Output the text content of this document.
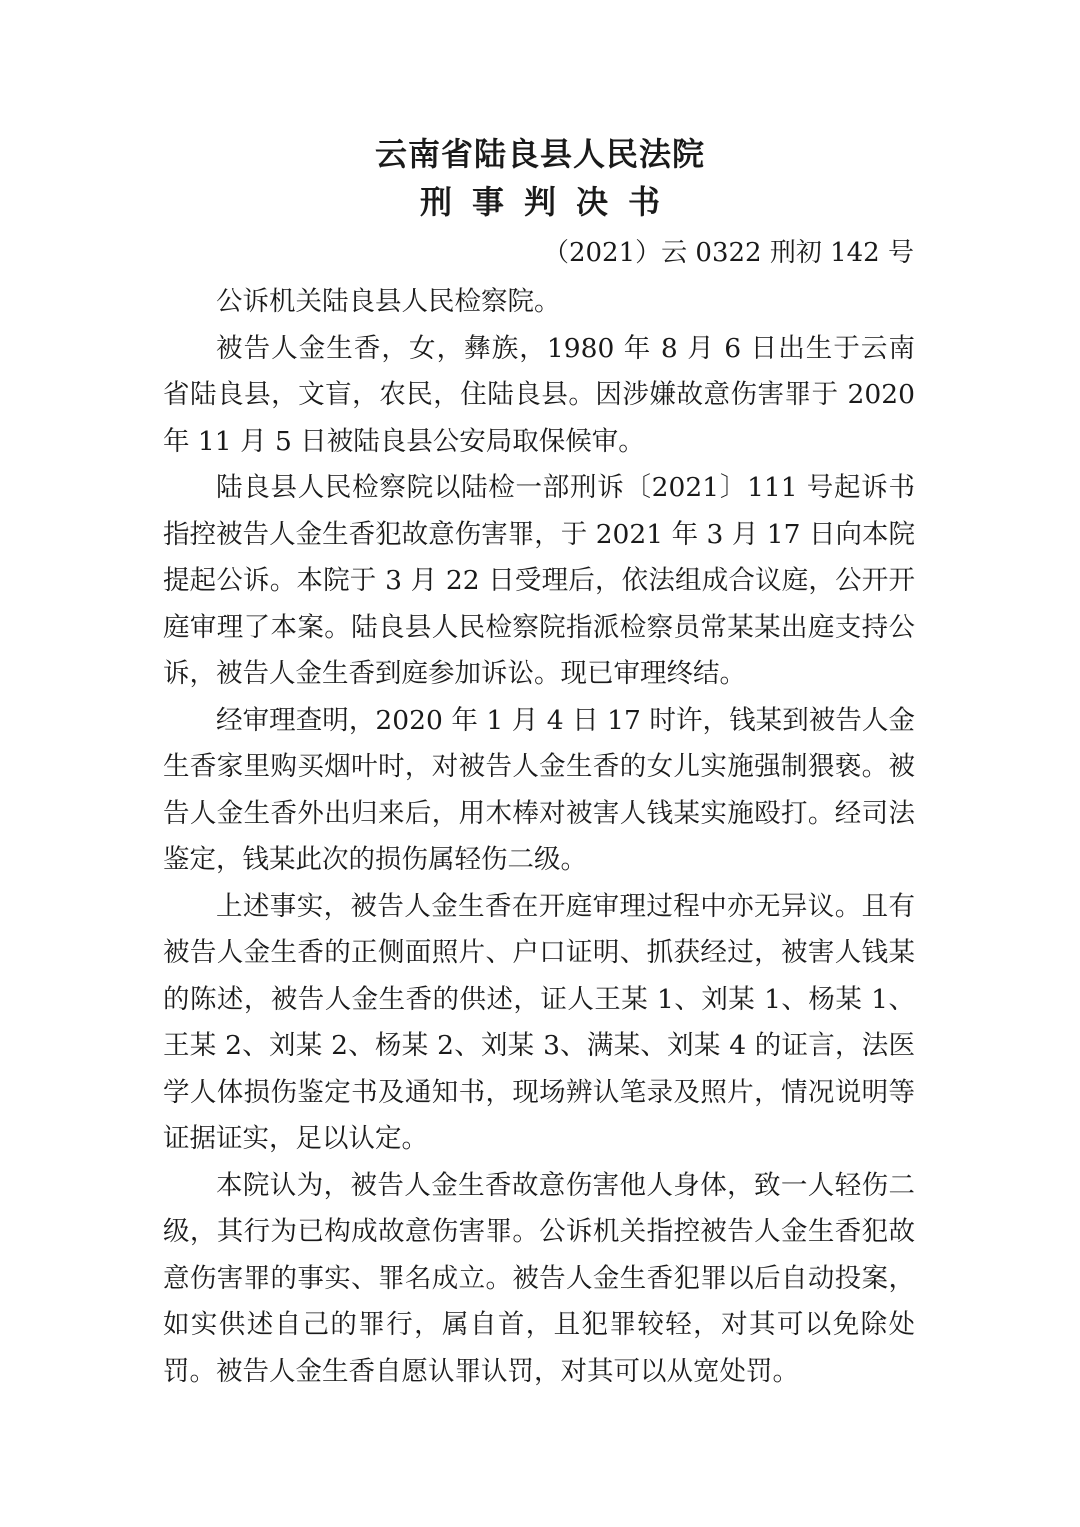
云南省陆良县人民法院
刑事判决书

（2021）云 0322 刑初 142 号

公诉机关陆良县人民检察院。

被告人金生香，女，彝族，1980 年 8 月 6 日出生于云南省陆良县，文盲，农民，住陆良县。因涉嫌故意伤害罪于 2020 年 11 月 5 日被陆良县公安局取保候审。

陆良县人民检察院以陆检一部刑诉〔2021〕111 号起诉书指控被告人金生香犯故意伤害罪，于 2021 年 3 月 17 日向本院提起公诉。本院于 3 月 22 日受理后，依法组成合议庭，公开开庭审理了本案。陆良县人民检察院指派检察员常某某出庭支持公诉，被告人金生香到庭参加诉讼。现已审理终结。

经审理查明，2020 年 1 月 4 日 17 时许，钱某到被告人金生香家里购买烟叶时，对被告人金生香的女儿实施强制猥亵。被告人金生香外出归来后，用木棒对被害人钱某实施殴打。经司法鉴定，钱某此次的损伤属轻伤二级。

上述事实，被告人金生香在开庭审理过程中亦无异议。且有被告人金生香的正侧面照片、户口证明、抓获经过，被害人钱某的陈述，被告人金生香的供述，证人王某 1、刘某 1、杨某 1、王某 2、刘某 2、杨某 2、刘某 3、满某、刘某 4 的证言，法医学人体损伤鉴定书及通知书，现场辨认笔录及照片，情况说明等证据证实，足以认定。

本院认为，被告人金生香故意伤害他人身体，致一人轻伤二级，其行为已构成故意伤害罪。公诉机关指控被告人金生香犯故意伤害罪的事实、罪名成立。被告人金生香犯罪以后自动投案，如实供述自己的罪行，属自首，且犯罪较轻，对其可以免除处罚。被告人金生香自愿认罪认罚，对其可以从宽处罚。
